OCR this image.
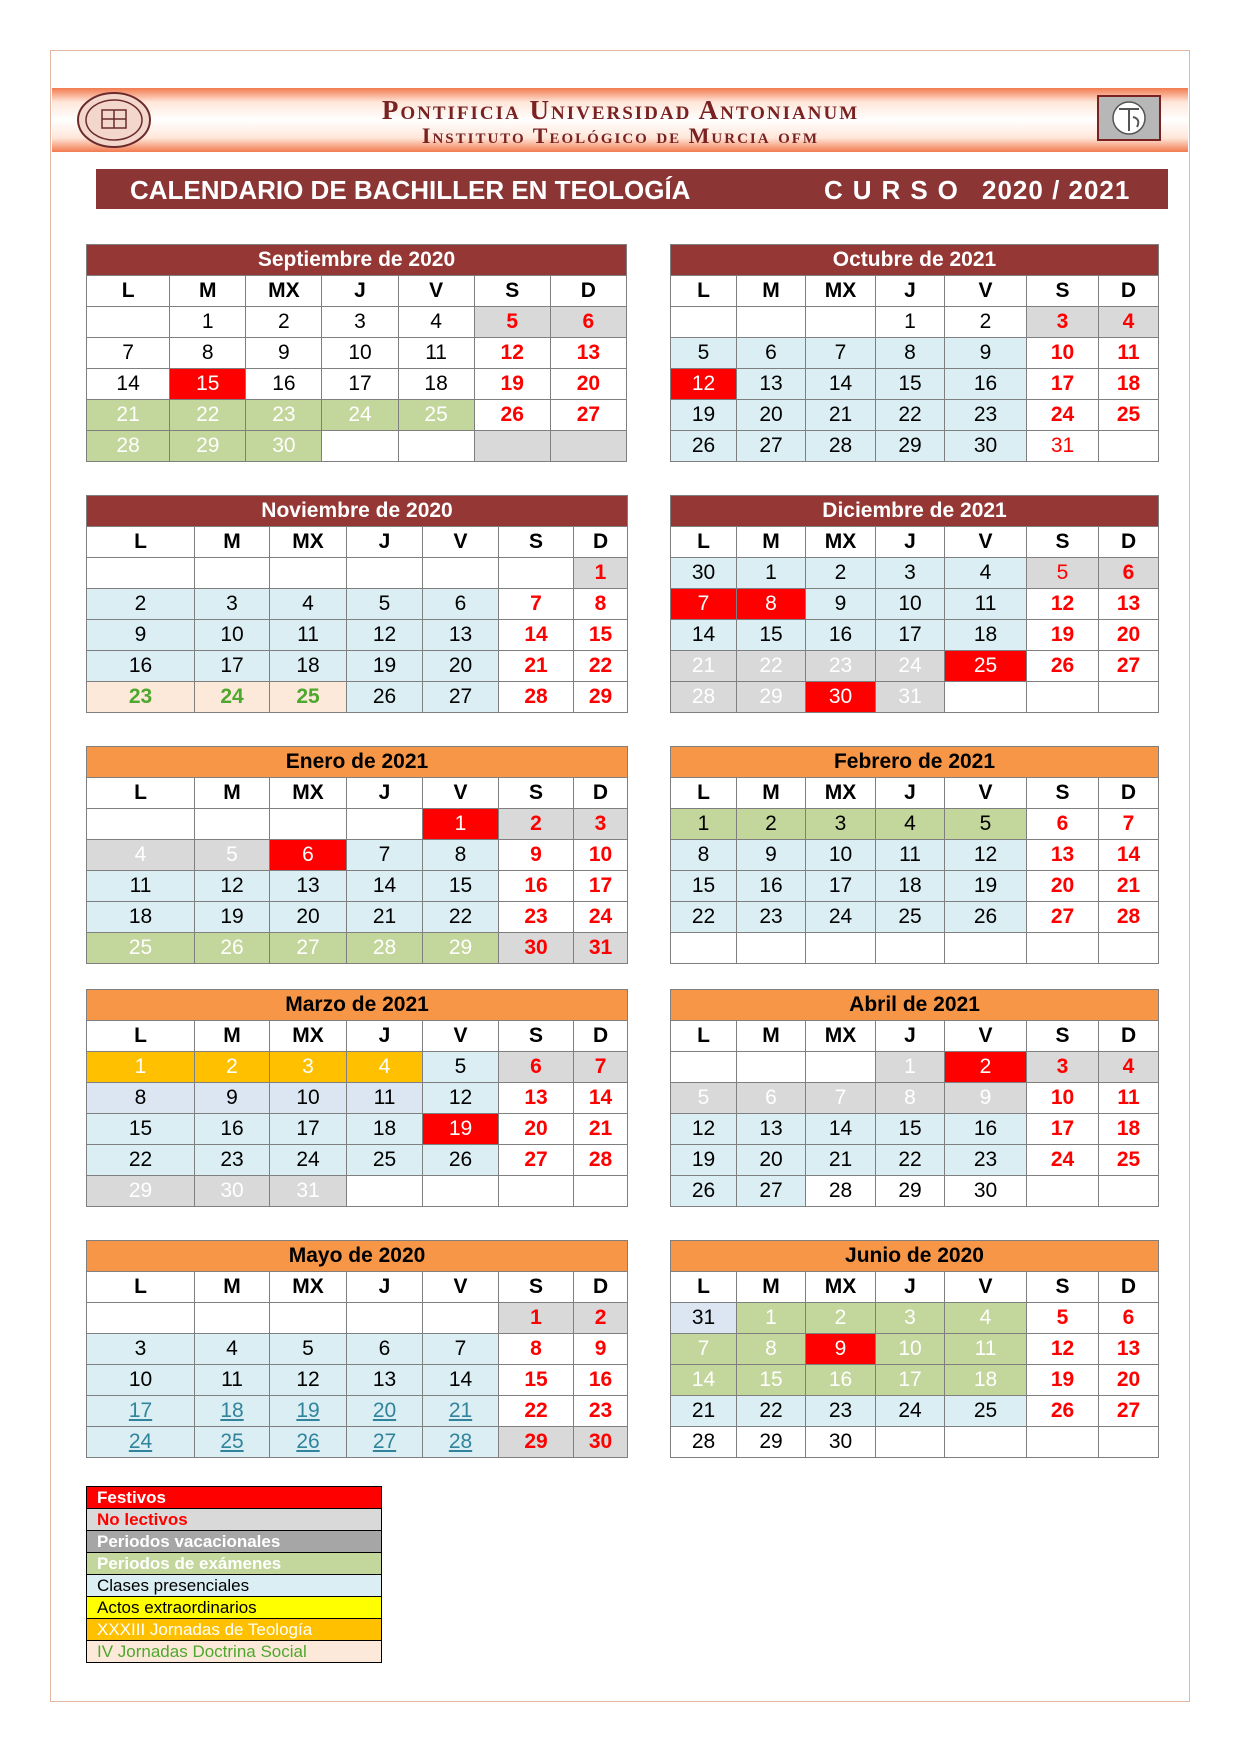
Pontificia Universidad Antonianum
Instituto Teológico de Murcia ofm
CALENDARIO DE BACHILLER EN TEOLOGÍA	CURSO 2020 / 2021
Septiembre de 2020						
L	M	MX	J	V	S	D
	1	2	3	4	5	6
7	8	9	10	11	12	13
14	15	16	17	18	19	20
21	22	23	24	25	26	27
28	29	30				
Octubre de 2021						
L	M	MX	J	V	S	D
			1	2	3	4
5	6	7	8	9	10	11
12	13	14	15	16	17	18
19	20	21	22	23	24	25
26	27	28	29	30	31	
Noviembre de 2020						
L	M	MX	J	V	S	D
						1
2	3	4	5	6	7	8
9	10	11	12	13	14	15
16	17	18	19	20	21	22
23	24	25	26	27	28	29
Diciembre de 2021						
L	M	MX	J	V	S	D
30	1	2	3	4	5	6
7	8	9	10	11	12	13
14	15	16	17	18	19	20
21	22	23	24	25	26	27
28	29	30	31			
Enero de 2021						
L	M	MX	J	V	S	D
				1	2	3
4	5	6	7	8	9	10
11	12	13	14	15	16	17
18	19	20	21	22	23	24
25	26	27	28	29	30	31
Febrero de 2021						
L	M	MX	J	V	S	D
1	2	3	4	5	6	7
8	9	10	11	12	13	14
15	16	17	18	19	20	21
22	23	24	25	26	27	28

Marzo de 2021						
L	M	MX	J	V	S	D
1	2	3	4	5	6	7
8	9	10	11	12	13	14
15	16	17	18	19	20	21
22	23	24	25	26	27	28
29	30	31				
Abril de 2021						
L	M	MX	J	V	S	D
			1	2	3	4
5	6	7	8	9	10	11
12	13	14	15	16	17	18
19	20	21	22	23	24	25
26	27	28	29	30		
Mayo de 2020						
L	M	MX	J	V	S	D
					1	2
3	4	5	6	7	8	9
10	11	12	13	14	15	16
17	18	19	20	21	22	23
24	25	26	27	28	29	30
Junio de 2020						
L	M	MX	J	V	S	D
31	1	2	3	4	5	6
7	8	9	10	11	12	13
14	15	16	17	18	19	20
21	22	23	24	25	26	27
28	29	30				
Festivos
No lectivos
Periodos vacacionales
Periodos de exámenes
Clases presenciales
Actos extraordinarios
XXXIII Jornadas de Teología
IV Jornadas Doctrina Social
